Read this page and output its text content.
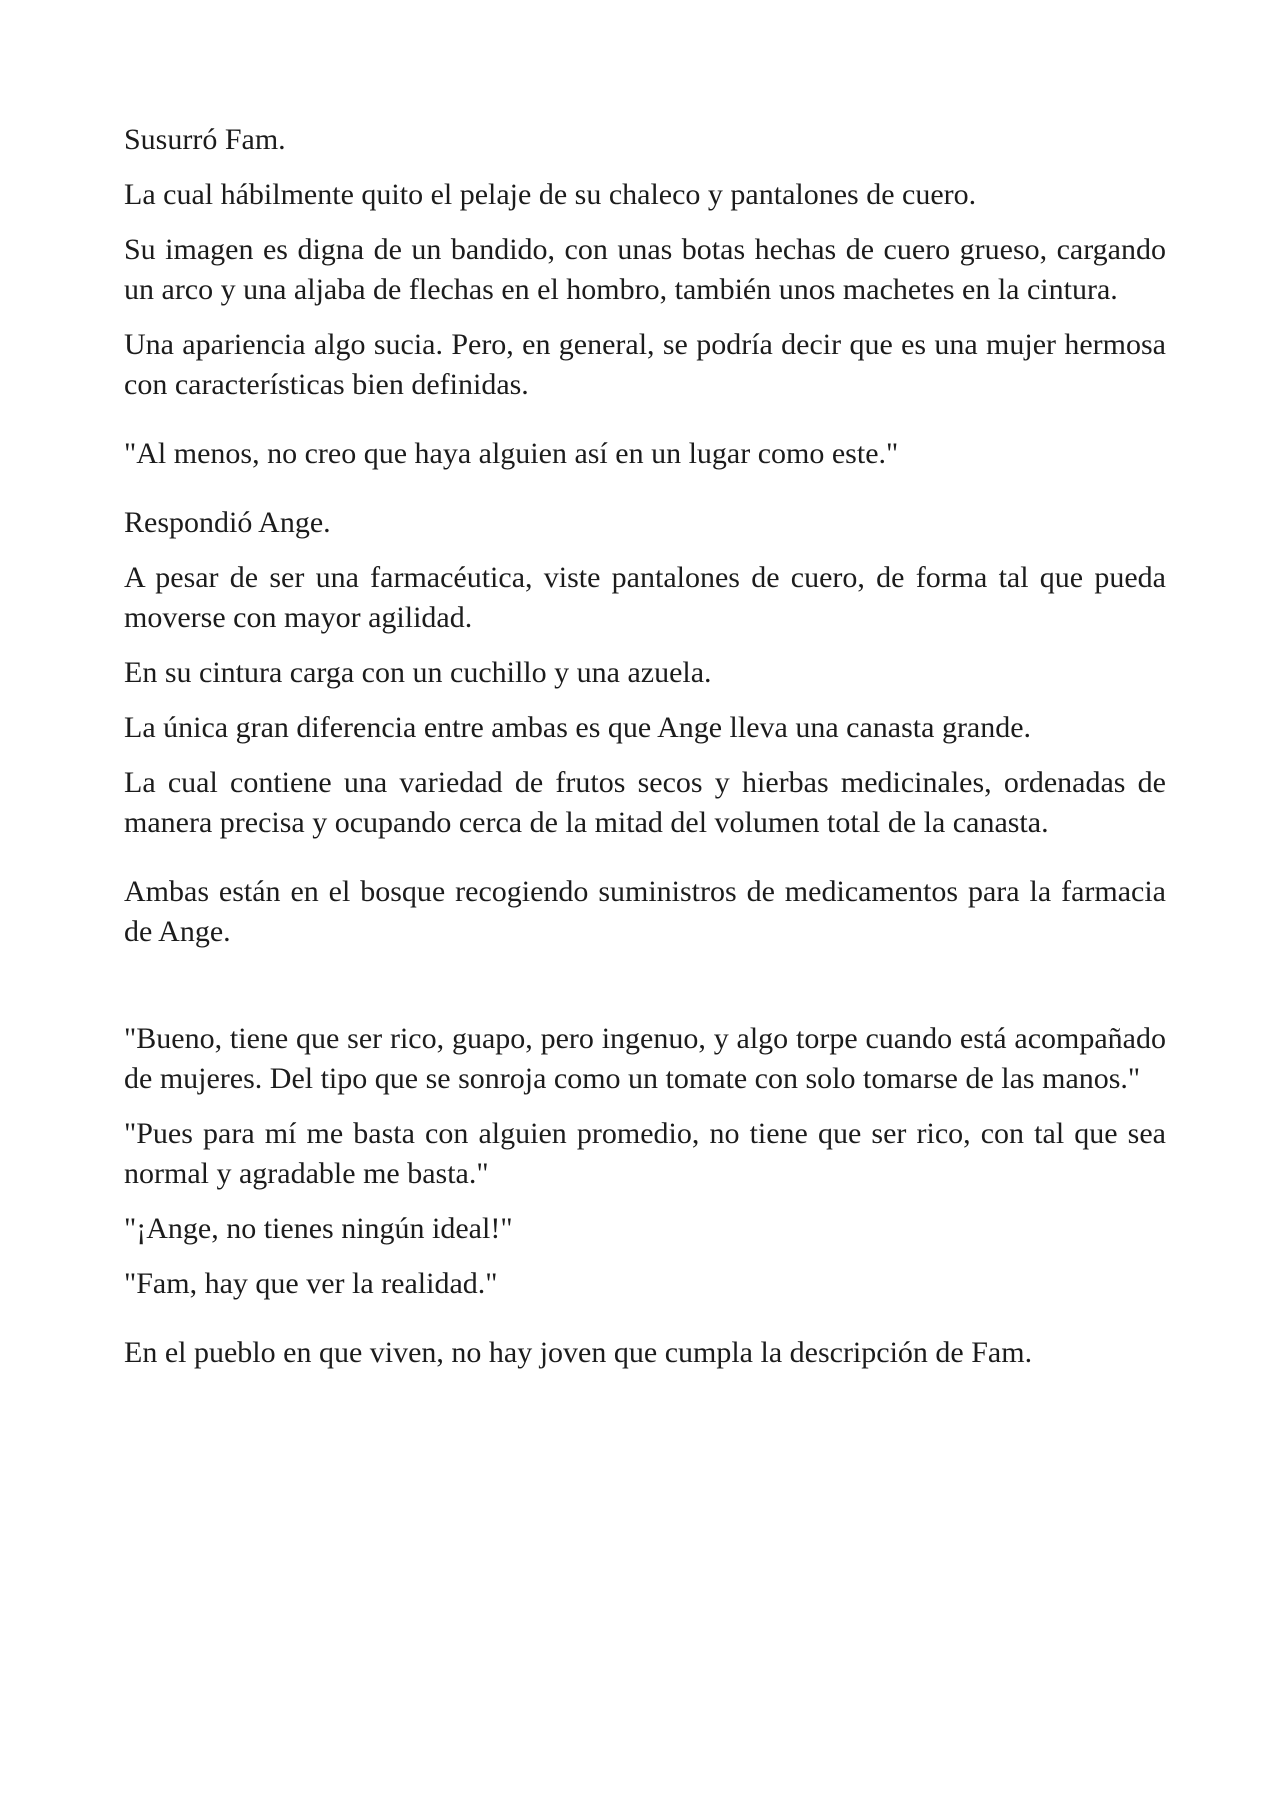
Susurró Fam.

La cual hábilmente quito el pelaje de su chaleco y pantalones de cuero.

Su imagen es digna de un bandido, con unas botas hechas de cuero grueso, cargando un arco y una aljaba de flechas en el hombro, también unos machetes en la cintura.

Una apariencia algo sucia. Pero, en general, se podría decir que es una mujer hermosa con características bien definidas.

"Al menos, no creo que haya alguien así en un lugar como este."

Respondió Ange.

A pesar de ser una farmacéutica, viste pantalones de cuero, de forma tal que pueda moverse con mayor agilidad.

En su cintura carga con un cuchillo y una azuela.

La única gran diferencia entre ambas es que Ange lleva una canasta grande.

La cual contiene una variedad de frutos secos y hierbas medicinales, ordenadas de manera precisa y ocupando cerca de la mitad del volumen total de la canasta.

Ambas están en el bosque recogiendo suministros de medicamentos para la farmacia de Ange.

"Bueno, tiene que ser rico, guapo, pero ingenuo, y algo torpe cuando está acompañado de mujeres. Del tipo que se sonroja como un tomate con solo tomarse de las manos."

"Pues para mí me basta con alguien promedio, no tiene que ser rico, con tal que sea normal y agradable me basta."

"¡Ange, no tienes ningún ideal!"

"Fam, hay que ver la realidad."

En el pueblo en que viven, no hay joven que cumpla la descripción de Fam.
